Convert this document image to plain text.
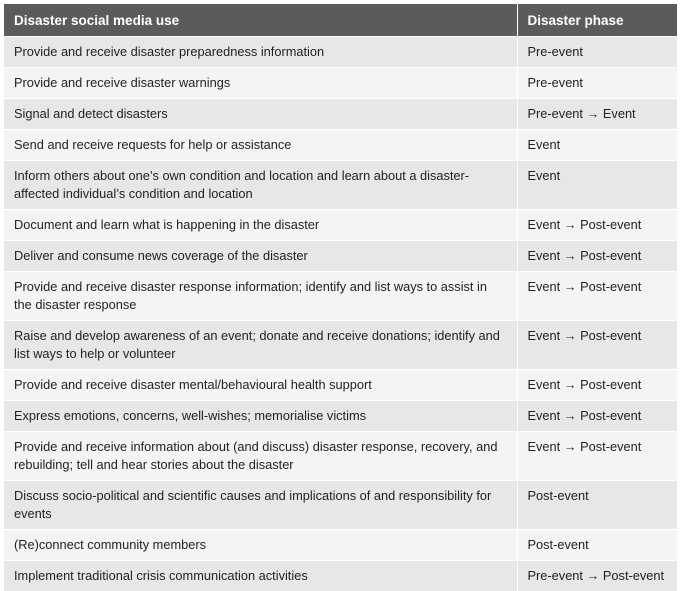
Disaster social media use	Disaster phase
Provide and receive disaster preparedness information	Pre-event
Provide and receive disaster warnings	Pre-event
Signal and detect disasters	Pre-event → Event
Send and receive requests for help or assistance	Event
Inform others about one’s own condition and location and learn about a disaster-affected individual’s condition and location	Event
Document and learn what is happening in the disaster	Event → Post-event
Deliver and consume news coverage of the disaster	Event → Post-event
Provide and receive disaster response information; identify and list ways to assist in the disaster response	Event → Post-event
Raise and develop awareness of an event; donate and receive donations; identify and list ways to help or volunteer	Event → Post-event
Provide and receive disaster mental/behavioural health support	Event → Post-event
Express emotions, concerns, well-wishes; memorialise victims	Event → Post-event
Provide and receive information about (and discuss) disaster response, recovery, and rebuilding; tell and hear stories about the disaster	Event → Post-event
Discuss socio-political and scientific causes and implications of and responsibility for events	Post-event
(Re)connect community members	Post-event
Implement traditional crisis communication activities	Pre-event → Post-event
